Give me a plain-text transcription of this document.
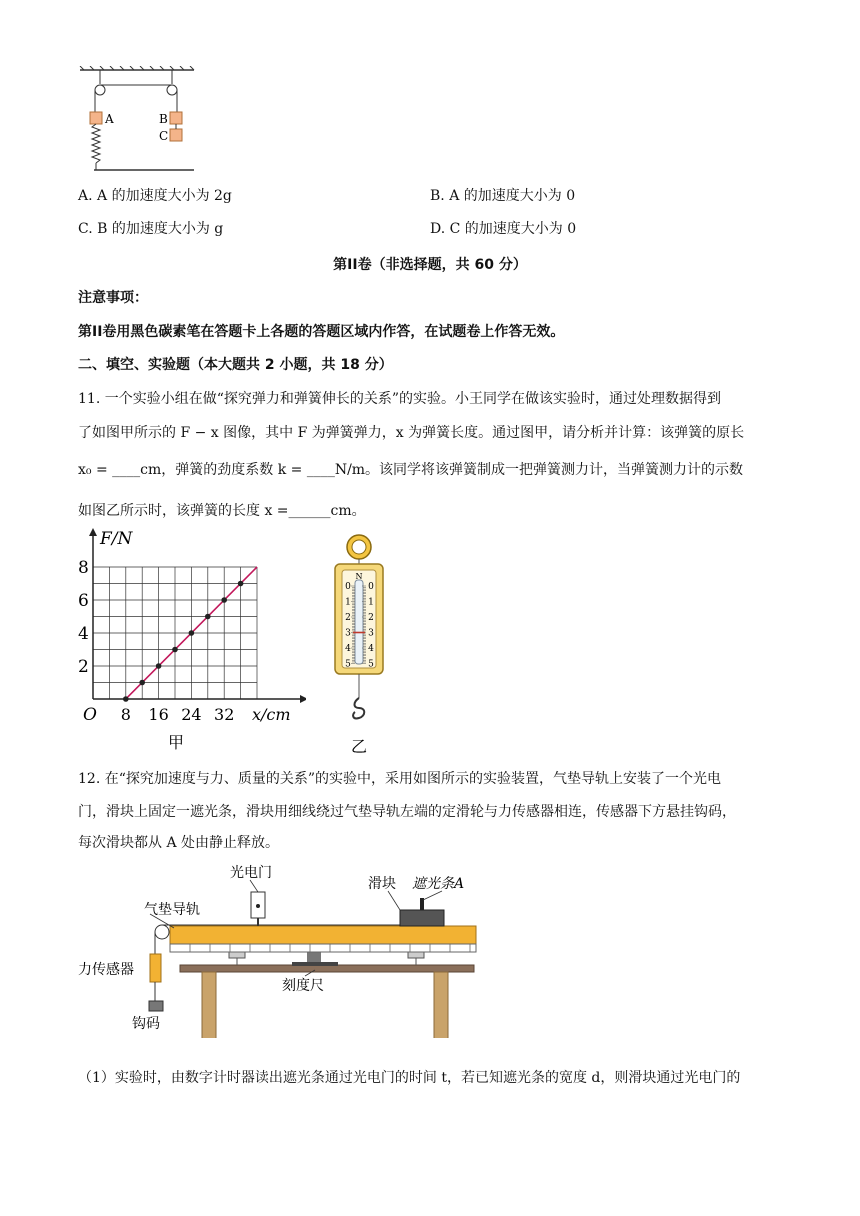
A	B
C
A. A 的加速度大小为 2g	B. A 的加速度大小为 0
C. B 的加速度大小为 g	D. C 的加速度大小为 0
第II卷（非选择题，共 60 分）
注意事项：
第II卷用黑色碳素笔在答题卡上各题的答题区域内作答，在试题卷上作答无效。
二、填空、实验题（本大题共 2 小题，共 18 分）
11. 一个实验小组在做“探究弹力和弹簧伸长的关系”的实验。小王同学在做该实验时，通过处理数据得到
了如图甲所示的 F − x 图像，其中 F 为弹簧弹力，x 为弹簧长度。通过图甲，请分析并计算：该弹簧的原长
x₀ = ____cm，弹簧的劲度系数 k = ____N/m。该同学将该弹簧制成一把弹簧测力计，当弹簧测力计的示数
如图乙所示时，该弹簧的长度 x =______cm。
2
4
6
8
8 16 24 32
F/N
x/cm
O
甲
N
0
1
2
3
4
5
0
1
2
3
4
5
乙
12. 在“探究加速度与力、质量的关系”的实验中，采用如图所示的实验装置，气垫导轨上安装了一个光电
门，滑块上固定一遮光条，滑块用细线绕过气垫导轨左端的定滑轮与力传感器相连，传感器下方悬挂钩码，
每次滑块都从 A 处由静止释放。
光电门
滑块 遮光条A
气垫导轨
力传感器
刻度尺
钩码
（1）实验时，由数字计时器读出遮光条通过光电门的时间 t，若已知遮光条的宽度 d，则滑块通过光电门的
